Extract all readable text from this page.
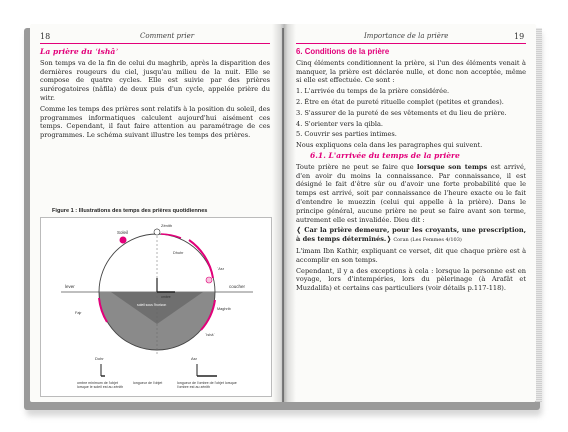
18	Comment prier

La prière du ʿishâʾ

Son temps va de la fin de celui du maghrib, après la disparition des dernières rougeurs du ciel, jusqu'au milieu de la nuit. Elle se compose de quatre cycles. Elle est suivie par des prières surérogatoires (nâfila) de deux puis d'un cycle, appelée prière du witr.

Comme les temps des prières sont relatifs à la position du soleil, des programmes informatiques calculent aujourd'hui aisément ces temps. Cependant, il faut faire attention au paramétrage de ces programmes. Le schéma suivant illustre les temps des prières.

Figure 1 : Illustrations des temps des prières quotidiennes
Soleil
Zénith
lever	coucher
Dhuhr
ʿAsr
Maghrib
ʿIshâʾ
Fajr
soleil sous l'horizon
ombre
Dohr	Asr
ombre minimum de l'objet lorsque le soleil est au zénith
longueur de l'objet	longueur de l'ombre de l'objet lorsque l'ombre est au zénith
Importance de la prière	19

6. Conditions de la prière

Cinq éléments conditionnent la prière, si l'un des éléments venait à manquer, la prière est déclarée nulle, et donc non acceptée, même si elle est effectuée. Ce sont :

1. L'arrivée du temps de la prière considérée.

2. Être en état de pureté rituelle complet (petites et grandes).

3. S'assurer de la pureté de ses vêtements et du lieu de prière.

4. S'orienter vers la qibla.

5. Couvrir ses parties intimes.

Nous expliquons cela dans les paragraphes qui suivent.

6.1. L'arrivée du temps de la prière

Toute prière ne peut se faire que lorsque son temps est arrivé, d'en avoir du moins la connaissance. Par connaissance, il est désigné le fait d'être sûr ou d'avoir une forte probabilité que le temps est arrivé, soit par connaissance de l'heure exacte ou le fait d'entendre le muezzin (celui qui appelle à la prière). Dans le principe général, aucune prière ne peut se faire avant son terme, autrement elle est invalidée. Dieu dit :

❬ Car la prière demeure, pour les croyants, une prescription, à des temps déterminés.❭ Coran (Les Femmes 4/103)

L'imam Ibn Kathir, expliquant ce verset, dit que chaque prière est à accomplir en son temps.

Cependant, il y a des exceptions à cela : lorsque la personne est en voyage, lors d'intempéries, lors du pèlerinage (à Arafât et Muzdalifa) et certains cas particuliers (voir détails p.117-118).
